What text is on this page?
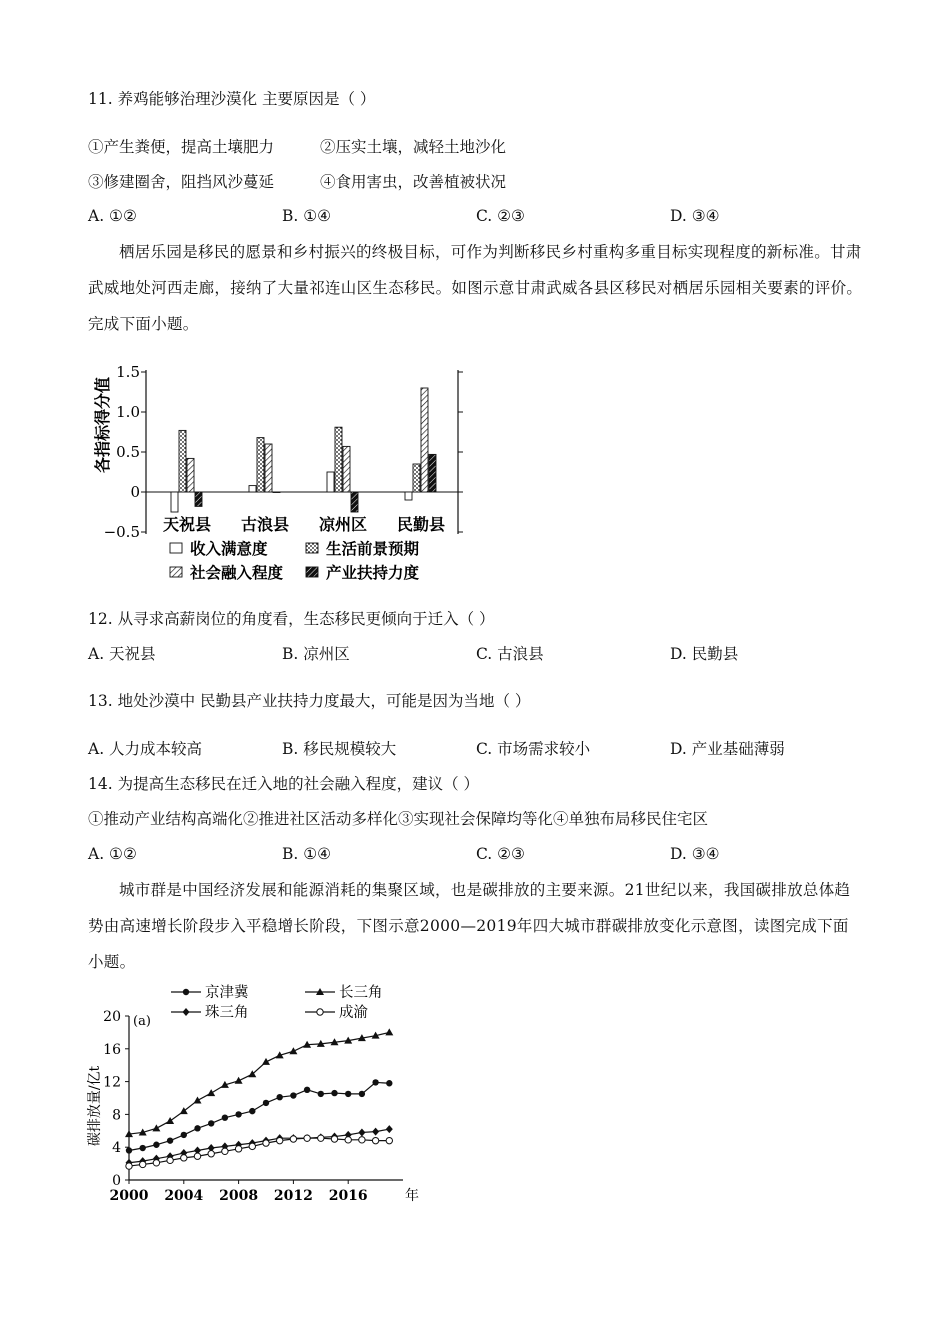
11. 养鸡能够治理沙漠化 主要原因是（ ）
①产生粪便，提高土壤肥力	②压实土壤，减轻土地沙化
③修建圈舍，阻挡风沙蔓延	④食用害虫，改善植被状况
A. ①②	B. ①④	C. ②③	D. ③④
栖居乐园是移民的愿景和乡村振兴的终极目标，可作为判断移民乡村重构多重目标实现程度的新标准。甘肃武威地处河西走廊，接纳了大量祁连山区生态移民。如图示意甘肃武威各县区移民对栖居乐园相关要素的评价。完成下面小题。
1.5
1.0
0.5
0
−0.5 天祝县 古浪县 凉州区 民勤县
收入满意度	生活前景预期
社会融入程度	产业扶持力度
各指标得分值
12. 从寻求高薪岗位的角度看，生态移民更倾向于迁入（ ）
A. 天祝县	B. 凉州区	C. 古浪县	D. 民勤县
13. 地处沙漠中 民勤县产业扶持力度最大，可能是因为当地（ ）
A. 人力成本较高	B. 移民规模较大	C. 市场需求较小	D. 产业基础薄弱
14. 为提高生态移民在迁入地的社会融入程度，建议（ ）
①推动产业结构高端化②推进社区活动多样化③实现社会保障均等化④单独布局移民住宅区
A. ①②	B. ①④	C. ②③	D. ③④
城市群是中国经济发展和能源消耗的集聚区域，也是碳排放的主要来源。21世纪以来，我国碳排放总体趋势由高速增长阶段步入平稳增长阶段，下图示意2000—2019年四大城市群碳排放变化示意图，读图完成下面小题。
0
4
8
12
16
20
2000 2004 2008 2012 2016	年
碳排放量/亿t
(a)
京津冀	长三角
珠三角	成渝
